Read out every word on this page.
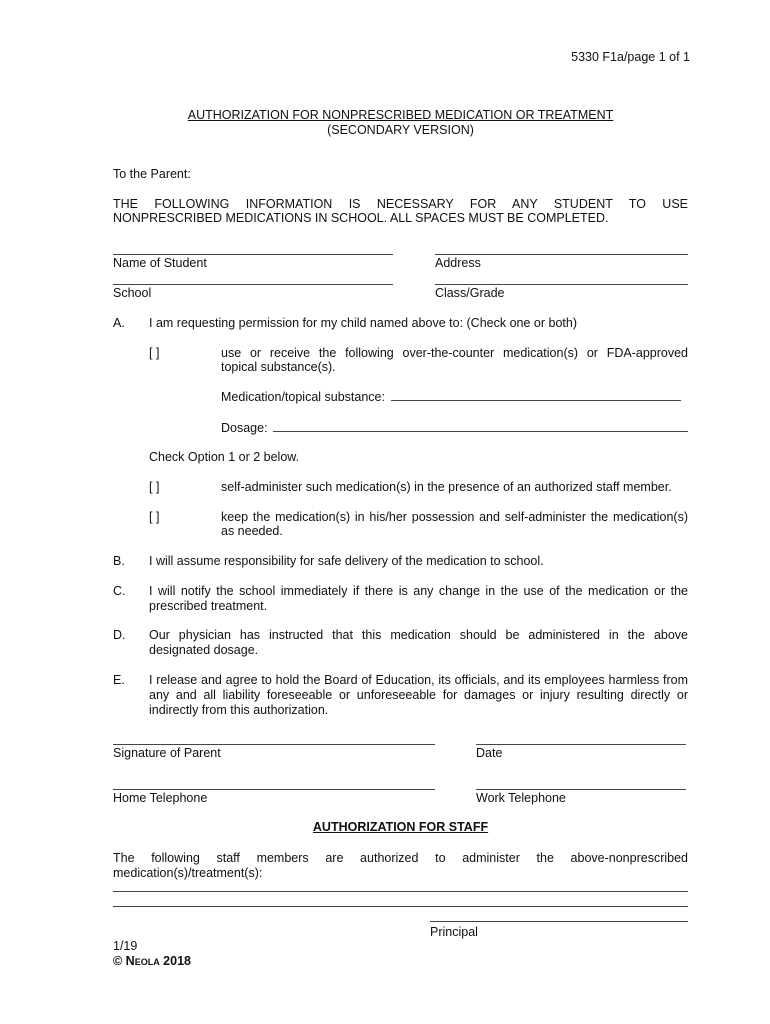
5330 F1a/page 1 of 1
AUTHORIZATION FOR NONPRESCRIBED MEDICATION OR TREATMENT
(SECONDARY VERSION)
To the Parent:
THE FOLLOWING INFORMATION IS NECESSARY FOR ANY STUDENT TO USE
NONPRESCRIBED MEDICATIONS IN SCHOOL. ALL SPACES MUST BE COMPLETED.
Name of Student	Address
School	Class/Grade
A. I am requesting permission for my child named above to: (Check one or both)
[ ]	use or receive the following over-the-counter medication(s) or FDA-approved
topical substance(s).
Medication/topical substance:
Dosage:
Check Option 1 or 2 below.
[ ]	self-administer such medication(s) in the presence of an authorized staff member.
[ ]	keep the medication(s) in his/her possession and self-administer the medication(s)
as needed.
B. I will assume responsibility for safe delivery of the medication to school.
C. I will notify the school immediately if there is any change in the use of the medication or the
prescribed treatment.
D. Our physician has instructed that this medication should be administered in the above
designated dosage.
E. I release and agree to hold the Board of Education, its officials, and its employees harmless from
any and all liability foreseeable or unforeseeable for damages or injury resulting directly or
indirectly from this authorization.
Signature of Parent	Date
Home Telephone	Work Telephone
AUTHORIZATION FOR STAFF
The following staff members are authorized to administer the above-nonprescribed
medication(s)/treatment(s):
Principal
1/19
© Neola 2018
